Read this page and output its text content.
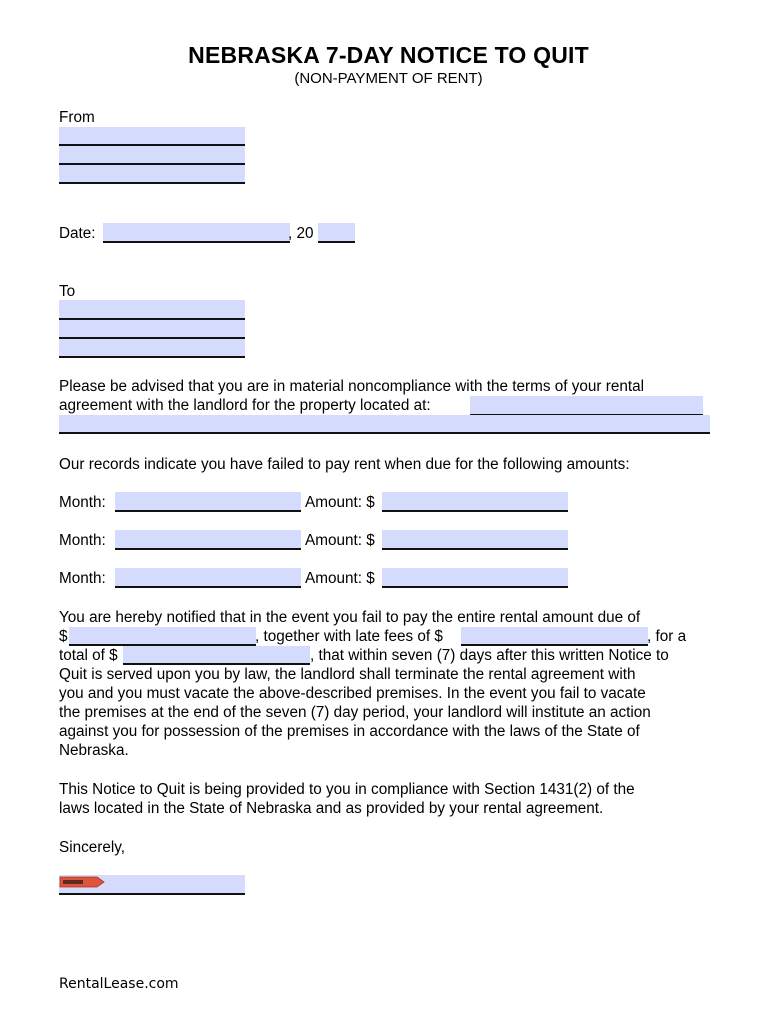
NEBRASKA 7-DAY NOTICE TO QUIT
(NON-PAYMENT OF RENT)
From
Date:	, 20
To
Please be advised that you are in material noncompliance with the terms of your rental
agreement with the landlord for the property located at:
Our records indicate you have failed to pay rent when due for the following amounts:
Month:	Amount: $
Month:	Amount: $
Month:	Amount: $
You are hereby notified that in the event you fail to pay the entire rental amount due of
$	, together with late fees of $	, for a
total of $	, that within seven (7) days after this written Notice to
Quit is served upon you by law, the landlord shall terminate the rental agreement with
you and you must vacate the above-described premises. In the event you fail to vacate
the premises at the end of the seven (7) day period, your landlord will institute an action
against you for possession of the premises in accordance with the laws of the State of
Nebraska.
This Notice to Quit is being provided to you in compliance with Section 1431(2) of the
laws located in the State of Nebraska and as provided by your rental agreement.
Sincerely,
RentalLease.com
